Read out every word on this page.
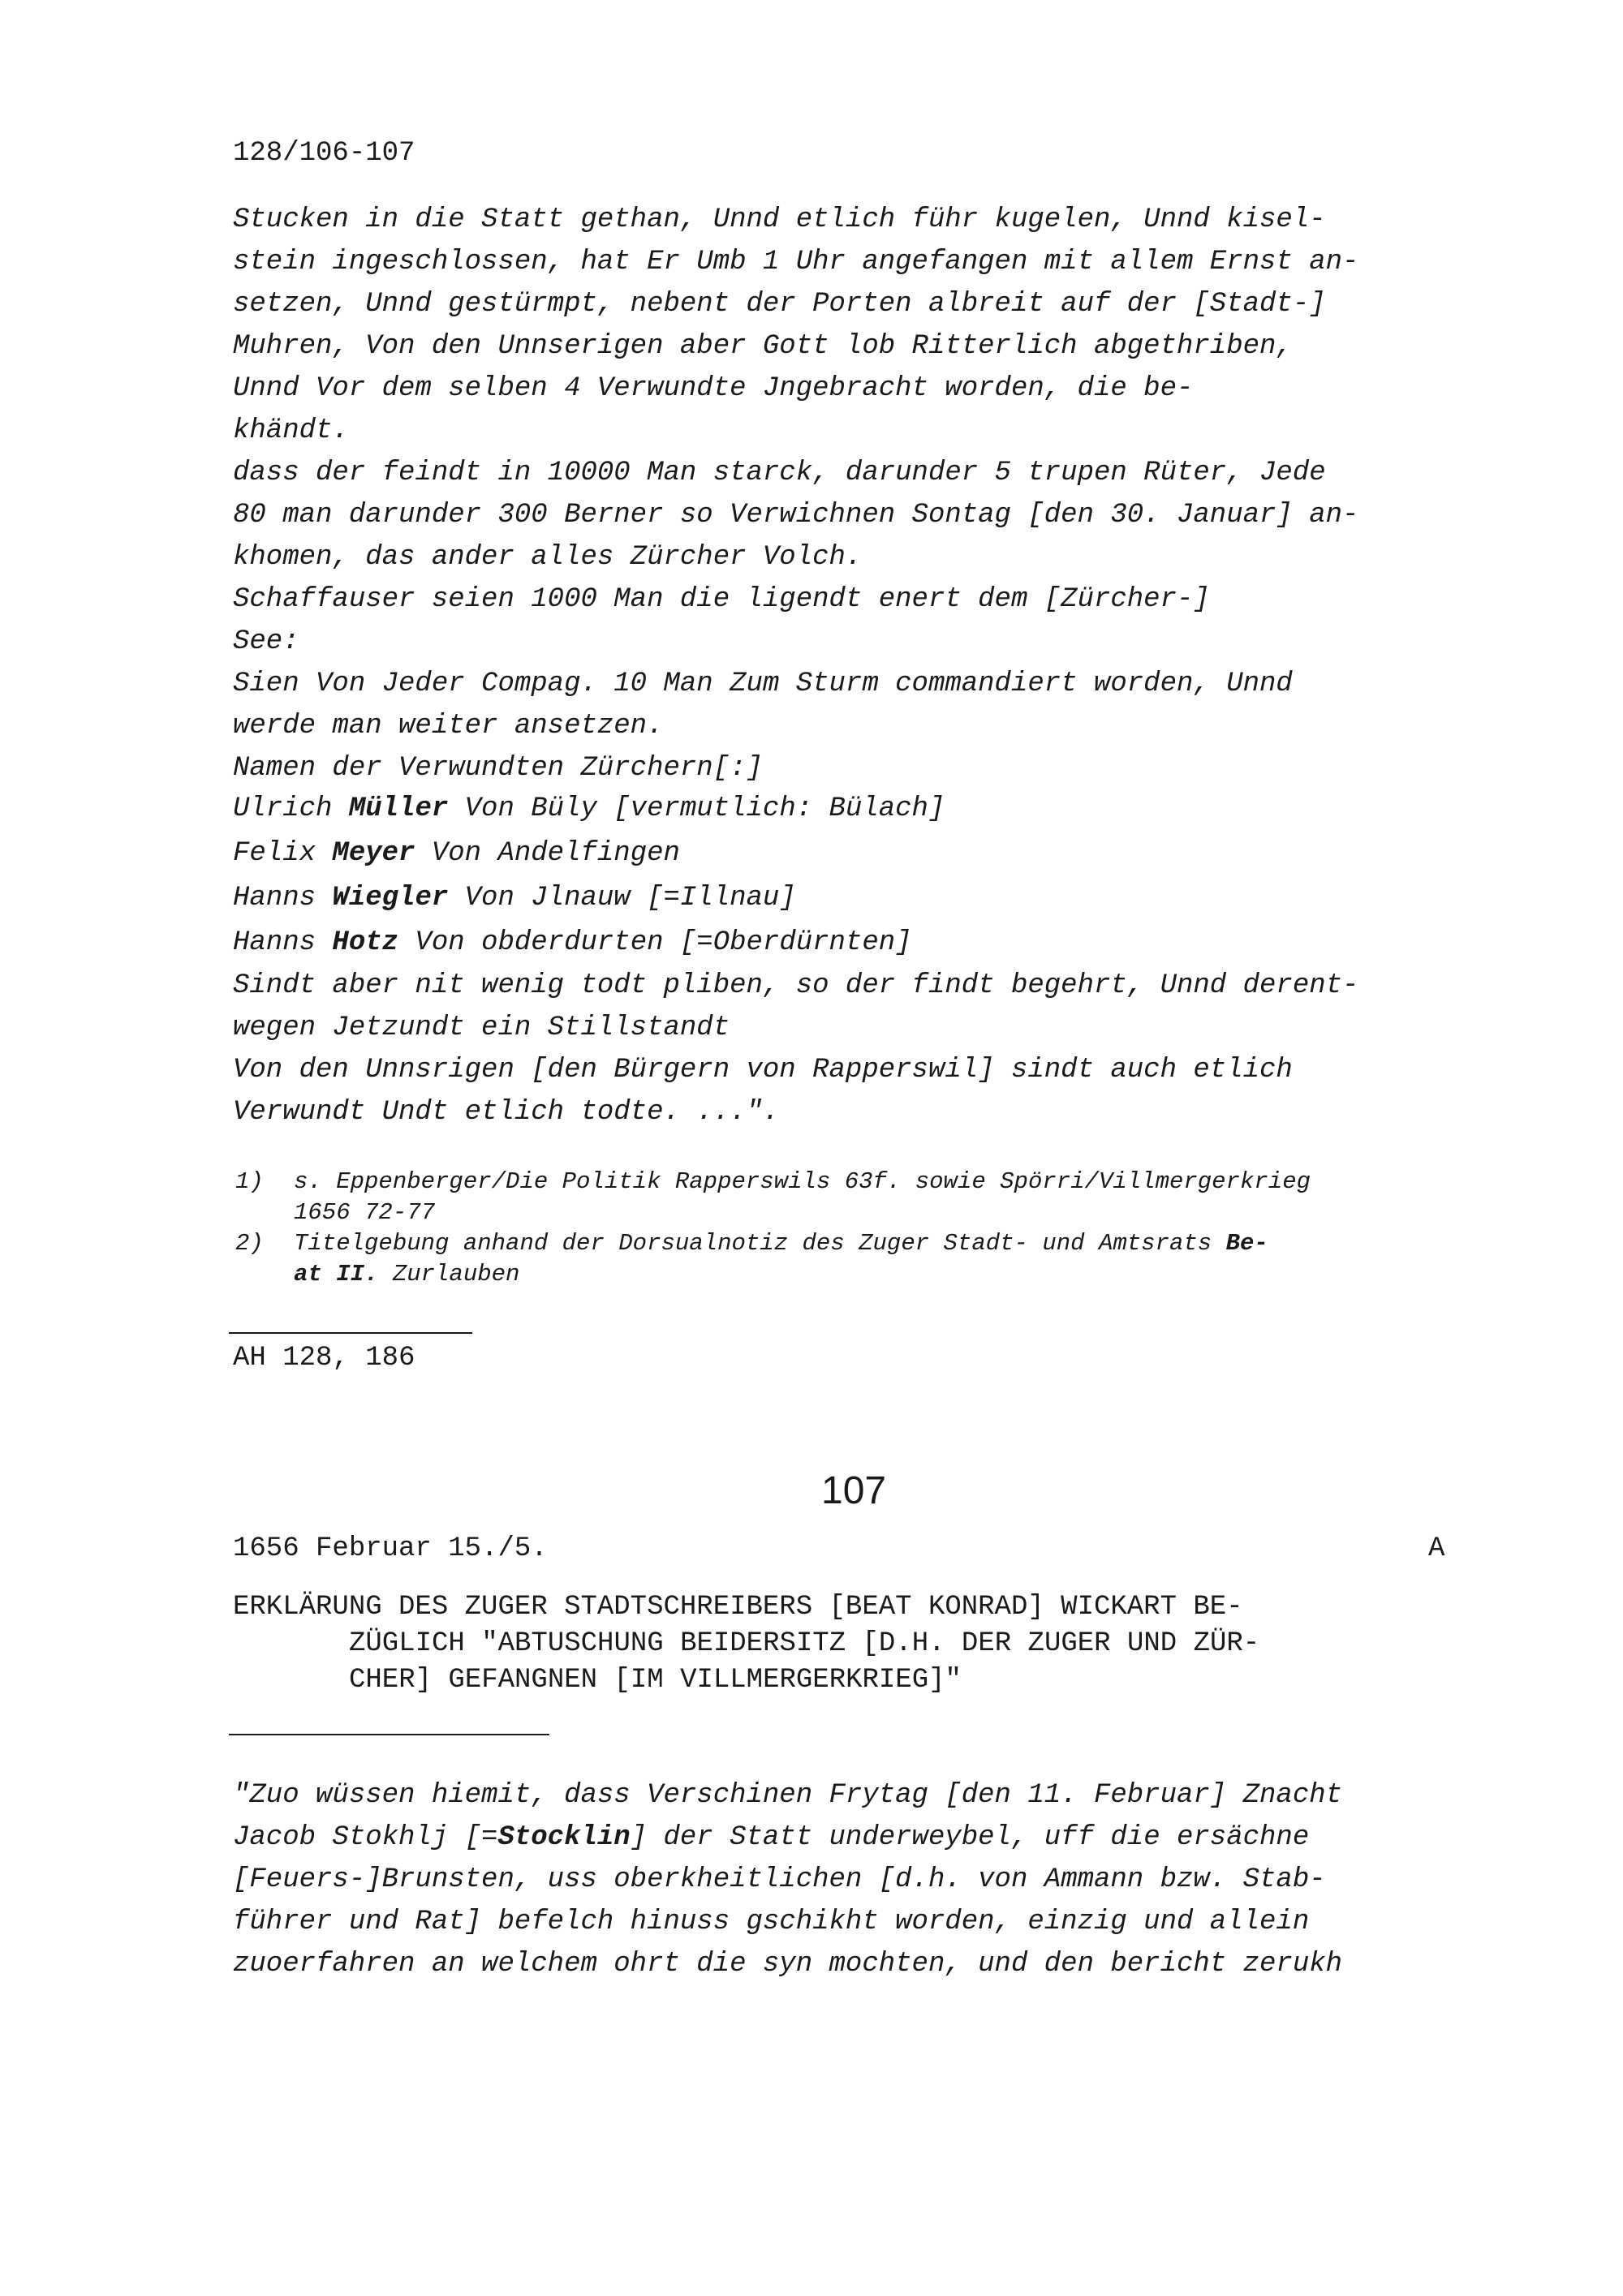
128/106-107
Stucken in die Statt gethan, Unnd etlich führ kugelen, Unnd kisel-
stein ingeschlossen, hat Er Umb 1 Uhr angefangen mit allem Ernst an-
setzen, Unnd gestürmpt, nebent der Porten albreit auf der [Stadt-]
Muhren, Von den Unnserigen aber Gott lob Ritterlich abgethriben,
Unnd Vor dem selben 4 Verwundte Jngebracht worden, die be-
khändt.
dass der feindt in 10000 Man starck, darunder 5 trupen Rüter, Jede
80 man darunder 300 Berner so Verwichnen Sontag [den 30. Januar] an-
khomen, das ander alles Zürcher Volch.
Schaffauser seien 1000 Man die ligendt enert dem [Zürcher-]
See:
Sien Von Jeder Compag. 10 Man Zum Sturm commandiert worden, Unnd
werde man weiter ansetzen.
Namen der Verwundten Zürchern[:]
Ulrich Müller Von Büly [vermutlich: Bülach]
Felix Meyer Von Andelfingen
Hanns Wiegler Von Jlnauw [=Illnau]
Hanns Hotz Von obderdurten [=Oberdürnten]
Sindt aber nit wenig todt pliben, so der findt begehrt, Unnd derent-
wegen Jetzundt ein Stillstandt
Von den Unnsrigen [den Bürgern von Rapperswil] sindt auch etlich
Verwundt Undt etlich todte. ...".
1) s. Eppenberger/Die Politik Rapperswils 63f. sowie Spörri/Villmergerkrieg
1656 72-77
2) Titelgebung anhand der Dorsualnotiz des Zuger Stadt- und Amtsrats Be-
at II. Zurlauben
AH 128, 186
107
1656 Februar 15./5.	A
ERKLÄRUNG DES ZUGER STADTSCHREIBERS [BEAT KONRAD] WICKART BE-
ZÜGLICH "ABTUSCHUNG BEIDERSITZ [D.H. DER ZUGER UND ZÜR-
CHER] GEFANGNEN [IM VILLMERGERKRIEG]"
"Zuo wüssen hiemit, dass Verschinen Frytag [den 11. Februar] Znacht
Jacob Stokhlj [=Stocklin] der Statt underweybel, uff die ersächne
[Feuers-]Brunsten, uss oberkheitlichen [d.h. von Ammann bzw. Stab-
führer und Rat] befelch hinuss gschikht worden, einzig und allein
zuoerfahren an welchem ohrt die syn mochten, und den bericht zerukh
